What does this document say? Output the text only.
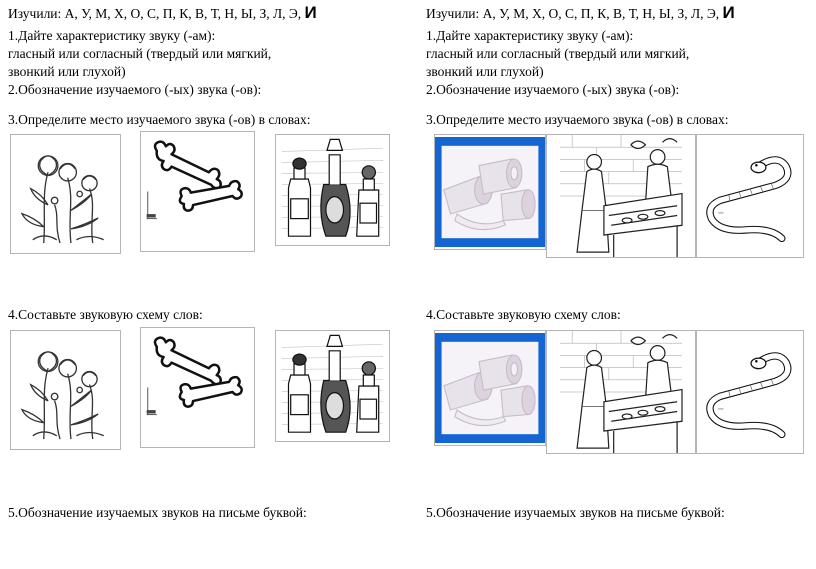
Изучили: А, У, М, Х, О, С, П, К, В, Т, Н, Ы, З, Л, Э, И
1.Дайте характеристику звуку (-ам):
гласный или согласный (твердый или мягкий,
звонкий или глухой)
2.Обозначение изучаемого (-ых) звука (-ов):
3.Определите место изучаемого звука (-ов) в словах:
4.Составьте звуковую схему слов:
5.Обозначение изучаемых звуков на письме буквой:
Изучили: А, У, М, Х, О, С, П, К, В, Т, Н, Ы, З, Л, Э, И
1.Дайте характеристику звуку (-ам):
гласный или согласный (твердый или мягкий,
звонкий или глухой)
2.Обозначение изучаемого (-ых) звука (-ов):
3.Определите место изучаемого звука (-ов) в словах:
4.Составьте звуковую схему слов:
5.Обозначение изучаемых звуков на письме буквой:
